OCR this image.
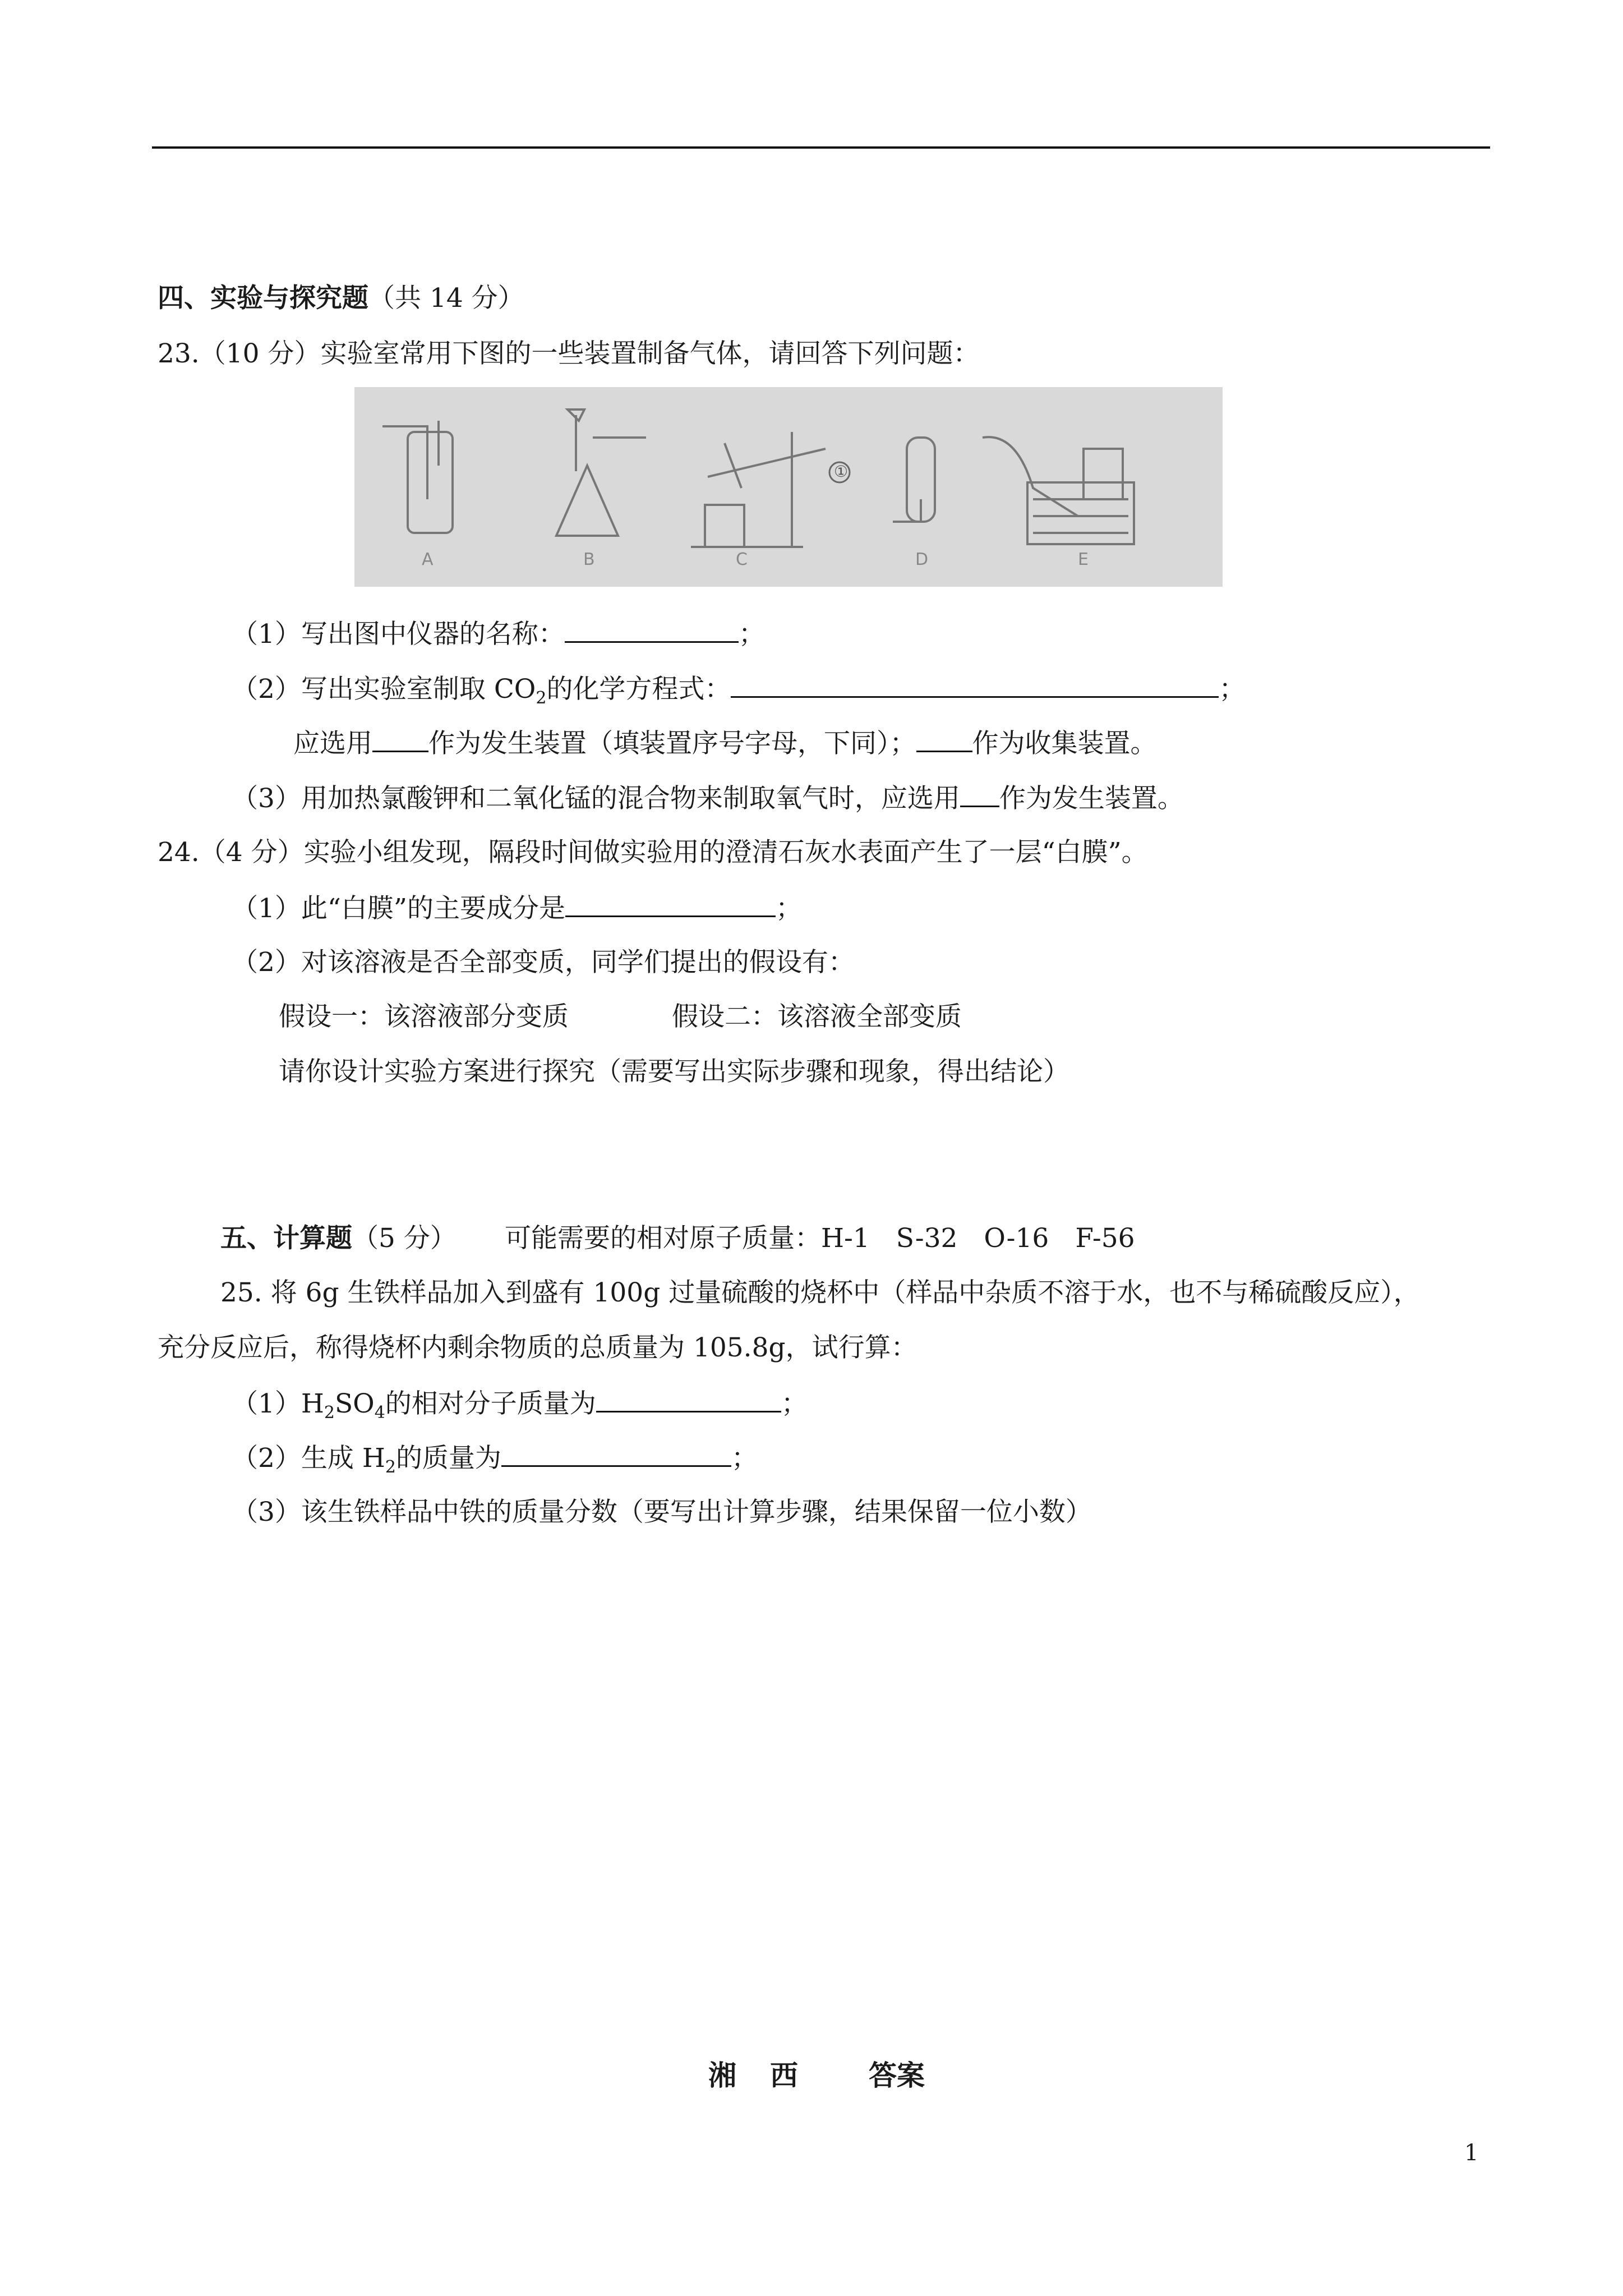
四、实验与探究题（共 14 分）
23.（10 分）实验室常用下图的一些装置制备气体，请回答下列问题：
A	B	C	D	E
①
（1）写出图中仪器的名称：	；
（2）写出实验室制取 $CO_2$的化学方程式：	；
应选用 作为发生装置（填装置序号字母，下同）； 作为收集装置。
（3）用加热氯酸钾和二氧化锰的混合物来制取氧气时，应选用 作为发生装置。
24.（4 分）实验小组发现，隔段时间做实验用的澄清石灰水表面产生了一层“白膜”。
（1）此“白膜”的主要成分是	；
（2）对该溶液是否全部变质，同学们提出的假设有：
假设一：该溶液部分变质	假设二：该溶液全部变质
请你设计实验方案进行探究（需要写出实际步骤和现象，得出结论）
五、计算题（5 分） 可能需要的相对原子质量：H-1　S-32　O-16　F-56
25. 将 6g 生铁样品加入到盛有 100g 过量硫酸的烧杯中（样品中杂质不溶于水，也不与稀硫酸反应），
充分反应后，称得烧杯内剩余物质的总质量为 105.8g，试行算：
$(1)H_2SO_4$的相对分子质量为	；
（2）生成 $H_2$的质量为	；
（3）该生铁样品中铁的质量分数（要写出计算步骤，结果保留一位小数）
湘 西	答案
1
